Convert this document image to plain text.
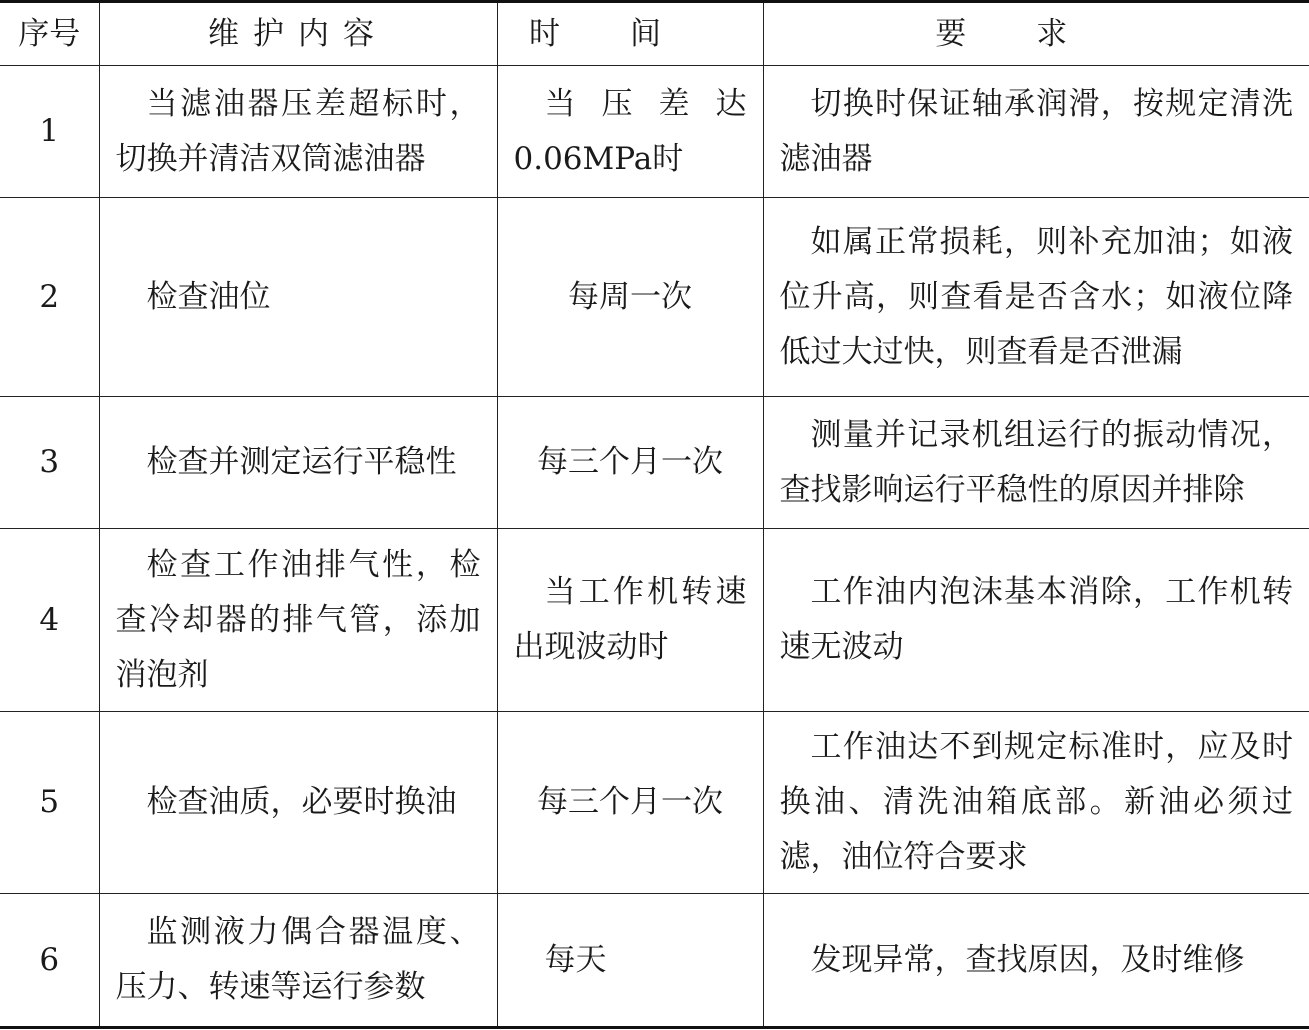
序号	维护内容	时间	要求
1	当滤油器压差超标时，切换并清洁双筒滤油器	当压差达0.06MPa时	切换时保证轴承润滑，按规定清洗滤油器
2	检查油位	每周一次	如属正常损耗，则补充加油；如液位升高，则查看是否含水；如液位降低过大过快，则查看是否泄漏
3	检查并测定运行平稳性	每三个月一次	测量并记录机组运行的振动情况，查找影响运行平稳性的原因并排除
4	检查工作油排气性，检查冷却器的排气管，添加消泡剂	当工作机转速出现波动时	工作油内泡沫基本消除，工作机转速无波动
5	检查油质，必要时换油	每三个月一次	工作油达不到规定标准时，应及时换油、清洗油箱底部。新油必须过滤，油位符合要求
6	监测液力偶合器温度、压力、转速等运行参数	每天	发现异常，查找原因，及时维修
